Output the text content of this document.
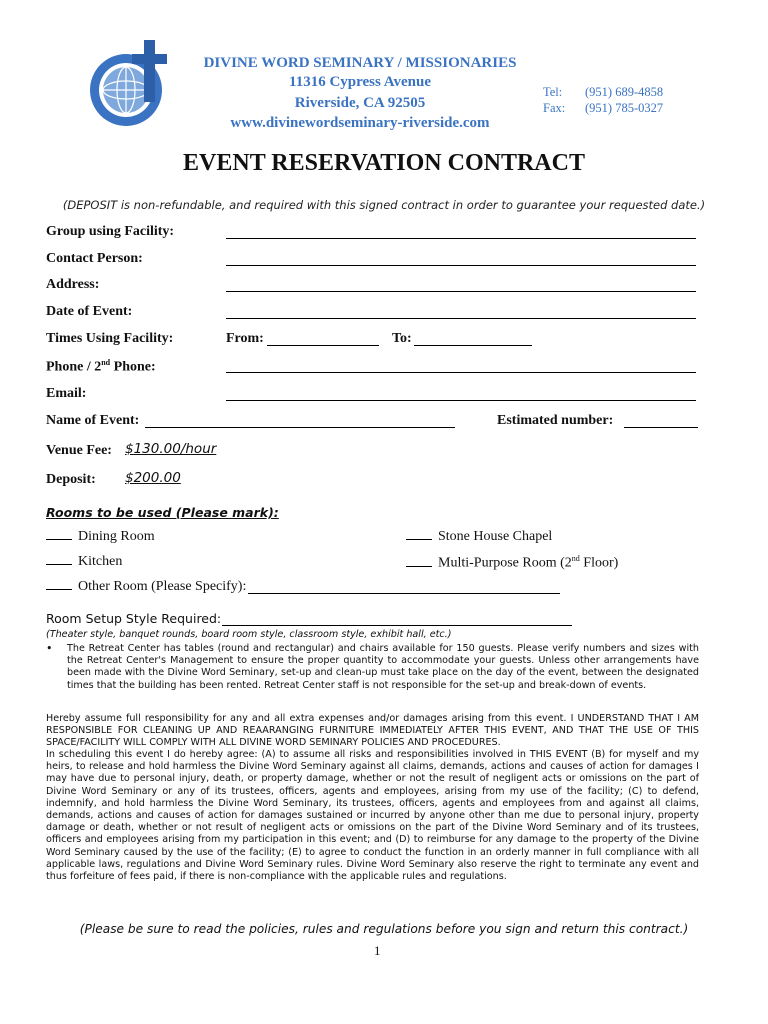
DIVINE WORD SEMINARY / MISSIONARIES
11316 Cypress Avenue
Riverside, CA 92505
www.divinewordseminary-riverside.com
Tel: (951) 689-4858
Fax: (951) 785-0327
EVENT RESERVATION CONTRACT
(DEPOSIT is non-refundable, and required with this signed contract in order to guarantee your requested date.)
Group using Facility:
Contact Person:
Address:
Date of Event:
Times Using Facility:	From:	To:
Phone / 2nd Phone:
Email:
Name of Event:	Estimated number:
Venue Fee: $130.00/hour
Deposit: $200.00
Rooms to be used (Please mark):
Dining Room
Kitchen
Stone House Chapel
Multi-Purpose Room (2nd Floor)
Other Room (Please Specify):
Room Setup Style Required:
(Theater style, banquet rounds, board room style, classroom style, exhibit hall, etc.)
• The Retreat Center has tables (round and rectangular) and chairs available for 150 guests. Please verify numbers and sizes with the Retreat Center's Management to ensure the proper quantity to accommodate your guests. Unless other arrangements have been made with the Divine Word Seminary, set-up and clean-up must take place on the day of the event, between the designated times that the building has been rented. Retreat Center staff is not responsible for the set-up and break-down of events.
Hereby assume full responsibility for any and all extra expenses and/or damages arising from this event. I UNDERSTAND THAT I AM RESPONSIBLE FOR CLEANING UP AND REAARANGING FURNITURE IMMEDIATELY AFTER THIS EVENT, AND THAT THE USE OF THIS SPACE/FACILITY WILL COMPLY WITH ALL DIVINE WORD SEMINARY POLICIES AND PROCEDURES.
In scheduling this event I do hereby agree: (A) to assume all risks and responsibilities involved in THIS EVENT (B) for myself and my heirs, to release and hold harmless the Divine Word Seminary against all claims, demands, actions and causes of action for damages I may have due to personal injury, death, or property damage, whether or not the result of negligent acts or omissions on the part of Divine Word Seminary or any of its trustees, officers, agents and employees, arising from my use of the facility; (C) to defend, indemnify, and hold harmless the Divine Word Seminary, its trustees, officers, agents and employees from and against all claims, demands, actions and causes of action for damages sustained or incurred by anyone other than me due to personal injury, property damage or death, whether or not result of negligent acts or omissions on the part of the Divine Word Seminary and of its trustees, officers and employees arising from my participation in this event; and (D) to reimburse for any damage to the property of the Divine Word Seminary caused by the use of the facility; (E) to agree to conduct the function in an orderly manner in full compliance with all applicable laws, regulations and Divine Word Seminary rules. Divine Word Seminary also reserve the right to terminate any event and thus forfeiture of fees paid, if there is non-compliance with the applicable rules and regulations.
(Please be sure to read the policies, rules and regulations before you sign and return this contract.)
1
